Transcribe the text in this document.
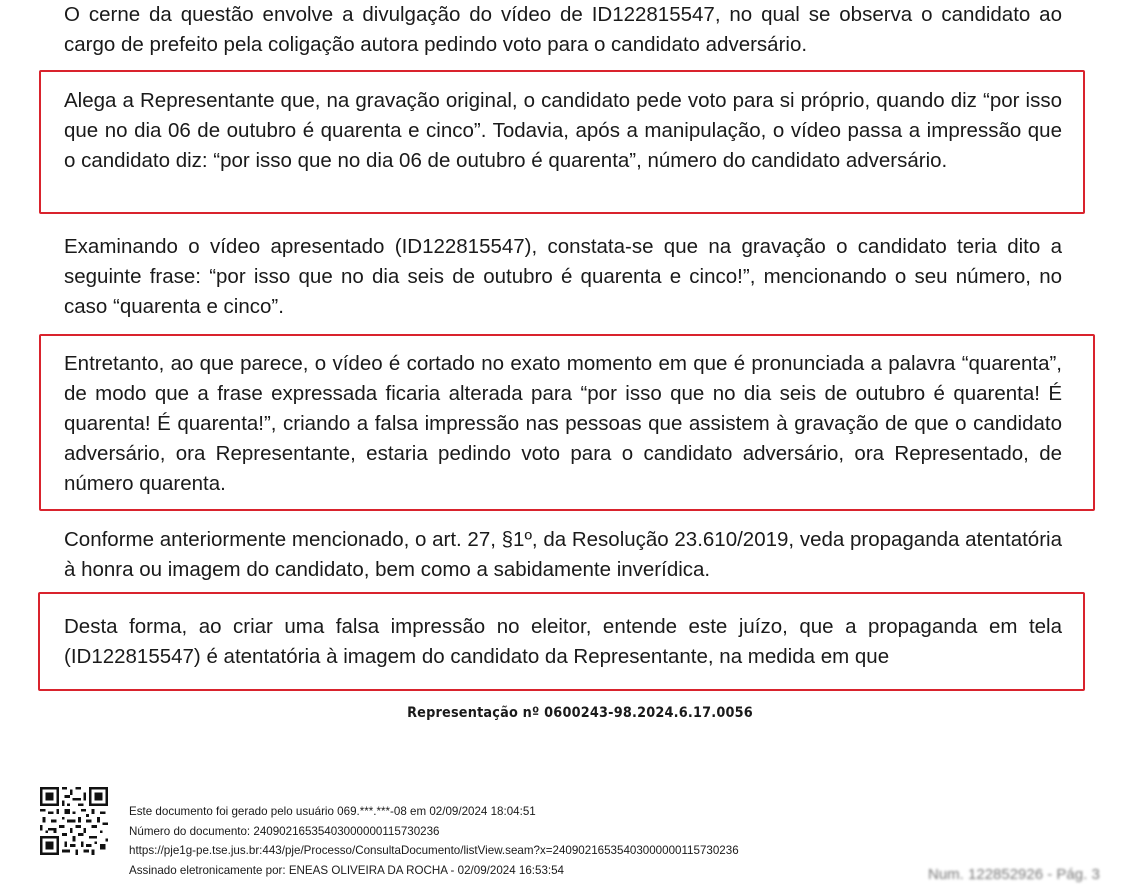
O cerne da questão envolve a divulgação do vídeo de ID122815547, no qual se observa o candidato ao cargo de prefeito pela coligação autora pedindo voto para o candidato adversário.

Alega a Representante que, na gravação original, o candidato pede voto para si próprio, quando diz “por isso que no dia 06 de outubro é quarenta e cinco”. Todavia, após a manipulação, o vídeo passa a impressão que o candidato diz: “por isso que no dia 06 de outubro é quarenta”, número do candidato adversário.

Examinando o vídeo apresentado (ID122815547), constata-se que na gravação o candidato teria dito a seguinte frase: “por isso que no dia seis de outubro é quarenta e cinco!”, mencionando o seu número, no caso “quarenta e cinco”.

Entretanto, ao que parece, o vídeo é cortado no exato momento em que é pronunciada a palavra “quarenta”, de modo que a frase expressada ficaria alterada para “por isso que no dia seis de outubro é quarenta! É quarenta! É quarenta!”, criando a falsa impressão nas pessoas que assistem à gravação de que o candidato adversário, ora Representante, estaria pedindo voto para o candidato adversário, ora Representado, de número quarenta.

Conforme anteriormente mencionado, o art. 27, §1º, da Resolução 23.610/2019, veda propaganda atentatória à honra ou imagem do candidato, bem como a sabidamente inverídica.

Desta forma, ao criar uma falsa impressão no eleitor, entende este juízo, que a propaganda em tela (ID122815547) é atentatória à imagem do candidato da Representante, na medida em que

Representação nº 0600243-98.2024.6.17.0056
Este documento foi gerado pelo usuário 069.***.***-08 em 02/09/2024 18:04:51
Número do documento: 24090216535403000000115730236
https://pje1g-pe.tse.jus.br:443/pje/Processo/ConsultaDocumento/listView.seam?x=24090216535403000000115730236
Assinado eletronicamente por: ENEAS OLIVEIRA DA ROCHA - 02/09/2024 16:53:54	Num. 122852926 - Pág. 3
